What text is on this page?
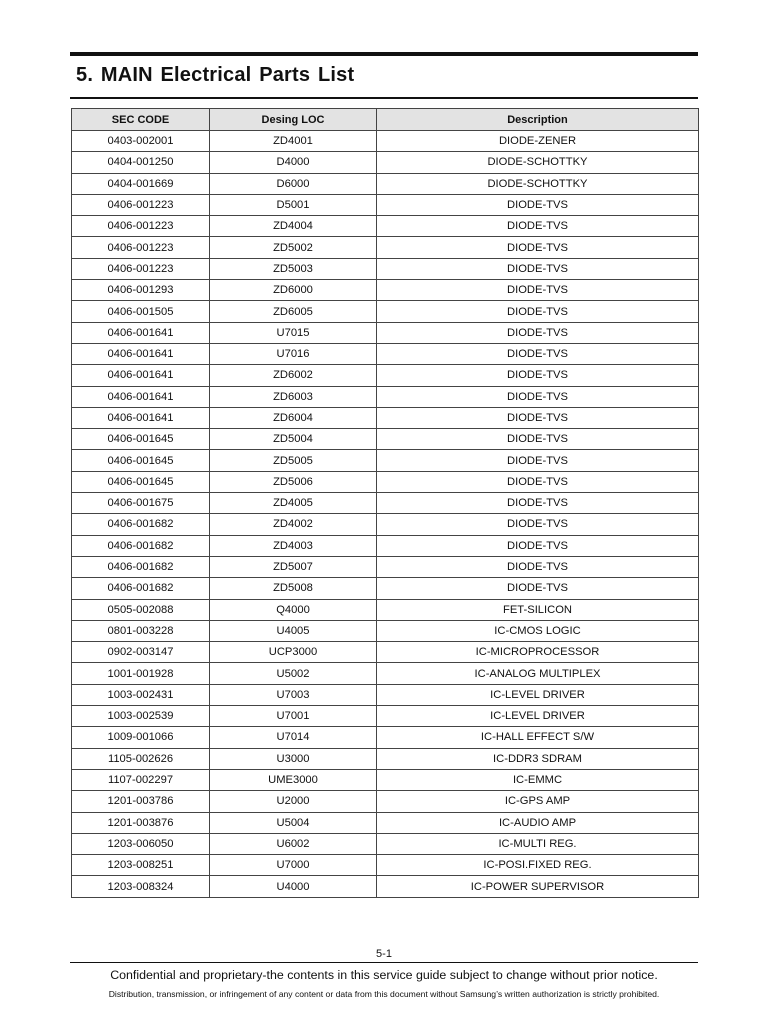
5. MAIN Electrical Parts List
SEC CODE	Desing LOC	Description
0403-002001	ZD4001	DIODE-ZENER
0404-001250	D4000	DIODE-SCHOTTKY
0404-001669	D6000	DIODE-SCHOTTKY
0406-001223	D5001	DIODE-TVS
0406-001223	ZD4004	DIODE-TVS
0406-001223	ZD5002	DIODE-TVS
0406-001223	ZD5003	DIODE-TVS
0406-001293	ZD6000	DIODE-TVS
0406-001505	ZD6005	DIODE-TVS
0406-001641	U7015	DIODE-TVS
0406-001641	U7016	DIODE-TVS
0406-001641	ZD6002	DIODE-TVS
0406-001641	ZD6003	DIODE-TVS
0406-001641	ZD6004	DIODE-TVS
0406-001645	ZD5004	DIODE-TVS
0406-001645	ZD5005	DIODE-TVS
0406-001645	ZD5006	DIODE-TVS
0406-001675	ZD4005	DIODE-TVS
0406-001682	ZD4002	DIODE-TVS
0406-001682	ZD4003	DIODE-TVS
0406-001682	ZD5007	DIODE-TVS
0406-001682	ZD5008	DIODE-TVS
0505-002088	Q4000	FET-SILICON
0801-003228	U4005	IC-CMOS LOGIC
0902-003147	UCP3000	IC-MICROPROCESSOR
1001-001928	U5002	IC-ANALOG MULTIPLEX
1003-002431	U7003	IC-LEVEL DRIVER
1003-002539	U7001	IC-LEVEL DRIVER
1009-001066	U7014	IC-HALL EFFECT S/W
1105-002626	U3000	IC-DDR3 SDRAM
1107-002297	UME3000	IC-EMMC
1201-003786	U2000	IC-GPS AMP
1201-003876	U5004	IC-AUDIO AMP
1203-006050	U6002	IC-MULTI REG.
1203-008251	U7000	IC-POSI.FIXED REG.
1203-008324	U4000	IC-POWER SUPERVISOR
5-1
Confidential and proprietary-the contents in this service guide subject to change without prior notice.
Distribution, transmission, or infringement of any content or data from this document without Samsung’s written authorization is strictly prohibited.
